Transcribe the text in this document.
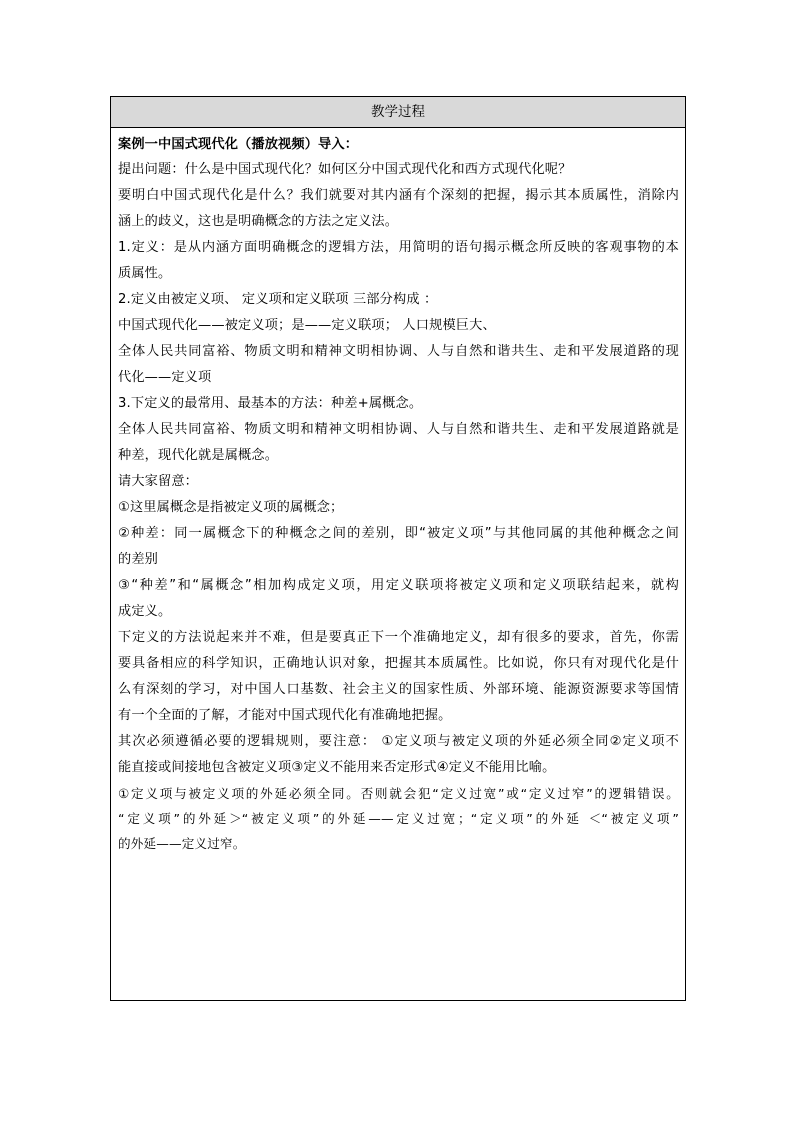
教学过程
案例一中国式现代化（播放视频）导入：
提出问题：什么是中国式现代化？如何区分中国式现代化和西方式现代化呢？
要明白中国式现代化是什么？我们就要对其内涵有个深刻的把握，揭示其本质属性，消除内
涵上的歧义，这也是明确概念的方法之定义法。
1.定义：是从内涵方面明确概念的逻辑方法，用简明的语句揭示概念所反映的客观事物的本
质属性。
2.定义由被定义项、 定义项和定义联项 三部分构成 ：
中国式现代化——被定义项；是——定义联项； 人口规模巨大、
全体人民共同富裕、物质文明和精神文明相协调、人与自然和谐共生、走和平发展道路的现
代化——定义项
3.下定义的最常用、最基本的方法：种差+属概念。
全体人民共同富裕、物质文明和精神文明相协调、人与自然和谐共生、走和平发展道路就是
种差，现代化就是属概念。
请大家留意：
①这里属概念是指被定义项的属概念；
②种差：同一属概念下的种概念之间的差别，即“被定义项”与其他同属的其他种概念之间
的差别
③“种差”和“属概念”相加构成定义项，用定义联项将被定义项和定义项联结起来，就构
成定义。
下定义的方法说起来并不难，但是要真正下一个准确地定义，却有很多的要求，首先，你需
要具备相应的科学知识，正确地认识对象，把握其本质属性。比如说，你只有对现代化是什
么有深刻的学习，对中国人口基数、社会主义的国家性质、外部环境、能源资源要求等国情
有一个全面的了解，才能对中国式现代化有准确地把握。
其次必须遵循必要的逻辑规则，要注意： ①定义项与被定义项的外延必须全同②定义项不
能直接或间接地包含被定义项③定义不能用来否定形式④定义不能用比喻。
①定义项与被定义项的外延必须全同。否则就会犯“定义过宽”或“定义过窄”的逻辑错误。
“定义项”的外延＞“被定义项”的外延——定义过宽；“定义项”的外延 ＜“被定义项”
的外延——定义过窄。
